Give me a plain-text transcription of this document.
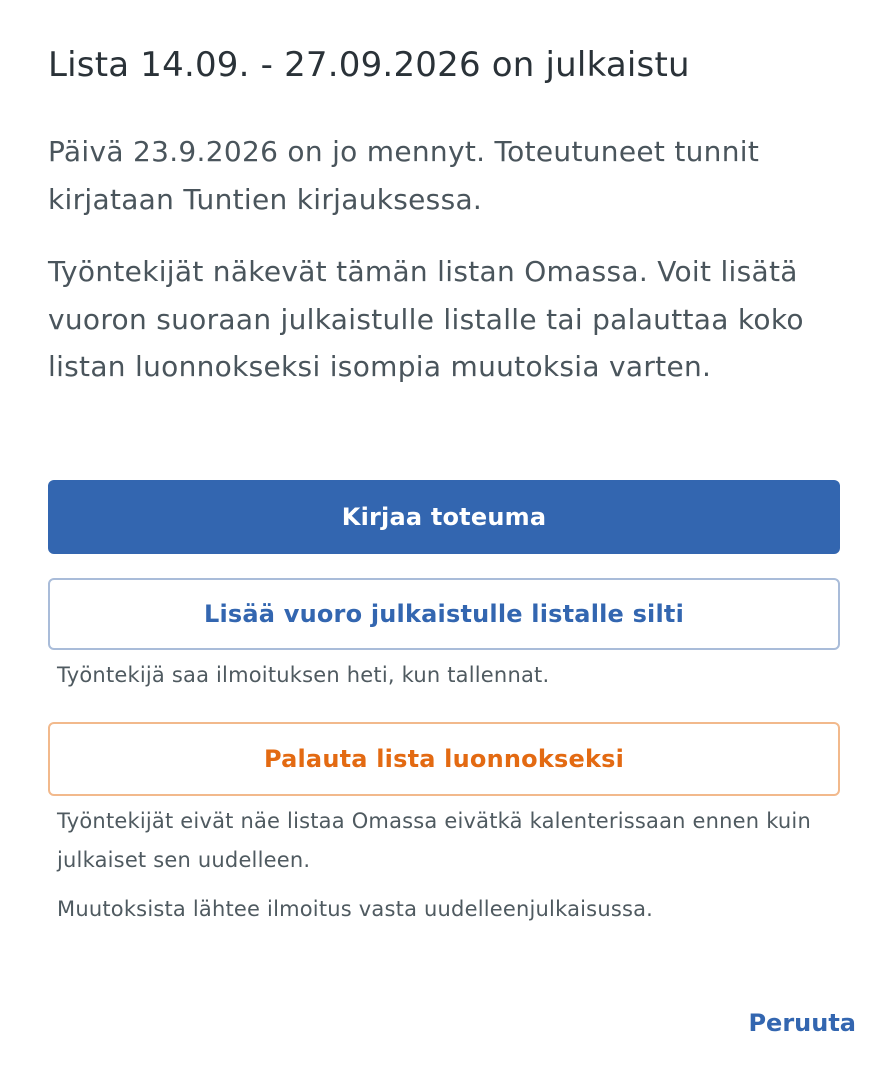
Lista 14.09. - 27.09.2026 on julkaistu

Päivä 23.9.2026 on jo mennyt. Toteutuneet tunnit kirjataan Tuntien kirjauksessa.

Työntekijät näkevät tämän listan Omassa. Voit lisätä vuoron suoraan julkaistulle listalle tai palauttaa koko listan luonnokseksi isompia muutoksia varten.

Kirjaa toteuma
Lisää vuoro julkaistulle listalle silti

Työntekijä saa ilmoituksen heti, kun tallennat.

Palauta lista luonnokseksi

Työntekijät eivät näe listaa Omassa eivätkä kalenterissaan ennen kuin julkaiset sen uudelleen.

Muutoksista lähtee ilmoitus vasta uudelleenjulkaisussa.

Peruuta
